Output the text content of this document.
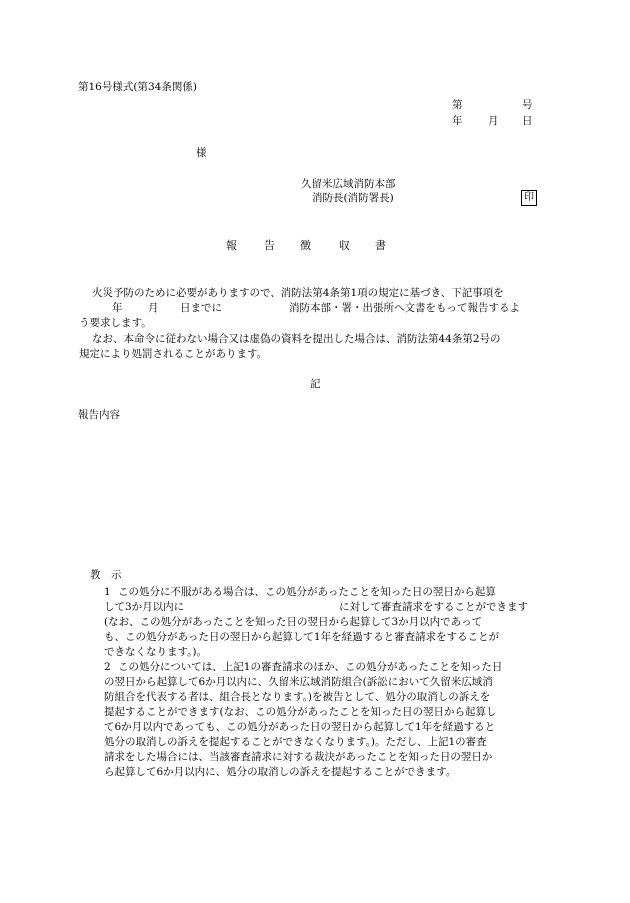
第16号様式(第34条関係)
第	号
年 月 日
様
久留米広域消防本部
消防長(消防署長)	印
報 告 徴	収 書
火災予防のために必要がありますので、消防法第4条第1項の規定に基づき、下記事項を
年 月 日までに	消防本部・署・出張所へ文書をもって報告するよ
う要求します。
なお、本命令に従わない場合又は虚偽の資料を提出した場合は、消防法第44条第2号の
規定により処罰されることがあります。
記
報告内容
教　示
1 この処分に不服がある場合は、この処分があったことを知った日の翌日から起算
して3か月以内に	に対して審査請求をすることができます
(なお、この処分があったことを知った日の翌日から起算して3か月以内であって
も、この処分があった日の翌日から起算して1年を経過すると審査請求をすることが
できなくなります。)。
2 この処分については、上記1の審査請求のほか、この処分があったことを知った日
の翌日から起算して6か月以内に、久留米広域消防組合(訴訟において久留米広域消
防組合を代表する者は、組合長となります。)を被告として、処分の取消しの訴えを
提起することができます(なお、この処分があったことを知った日の翌日から起算し
て6か月以内であっても、この処分があった日の翌日から起算して1年を経過すると
処分の取消しの訴えを提起することができなくなります。)。ただし、上記1の審査
請求をした場合には、当該審査請求に対する裁決があったことを知った日の翌日か
ら起算して6か月以内に、処分の取消しの訴えを提起することができます。
